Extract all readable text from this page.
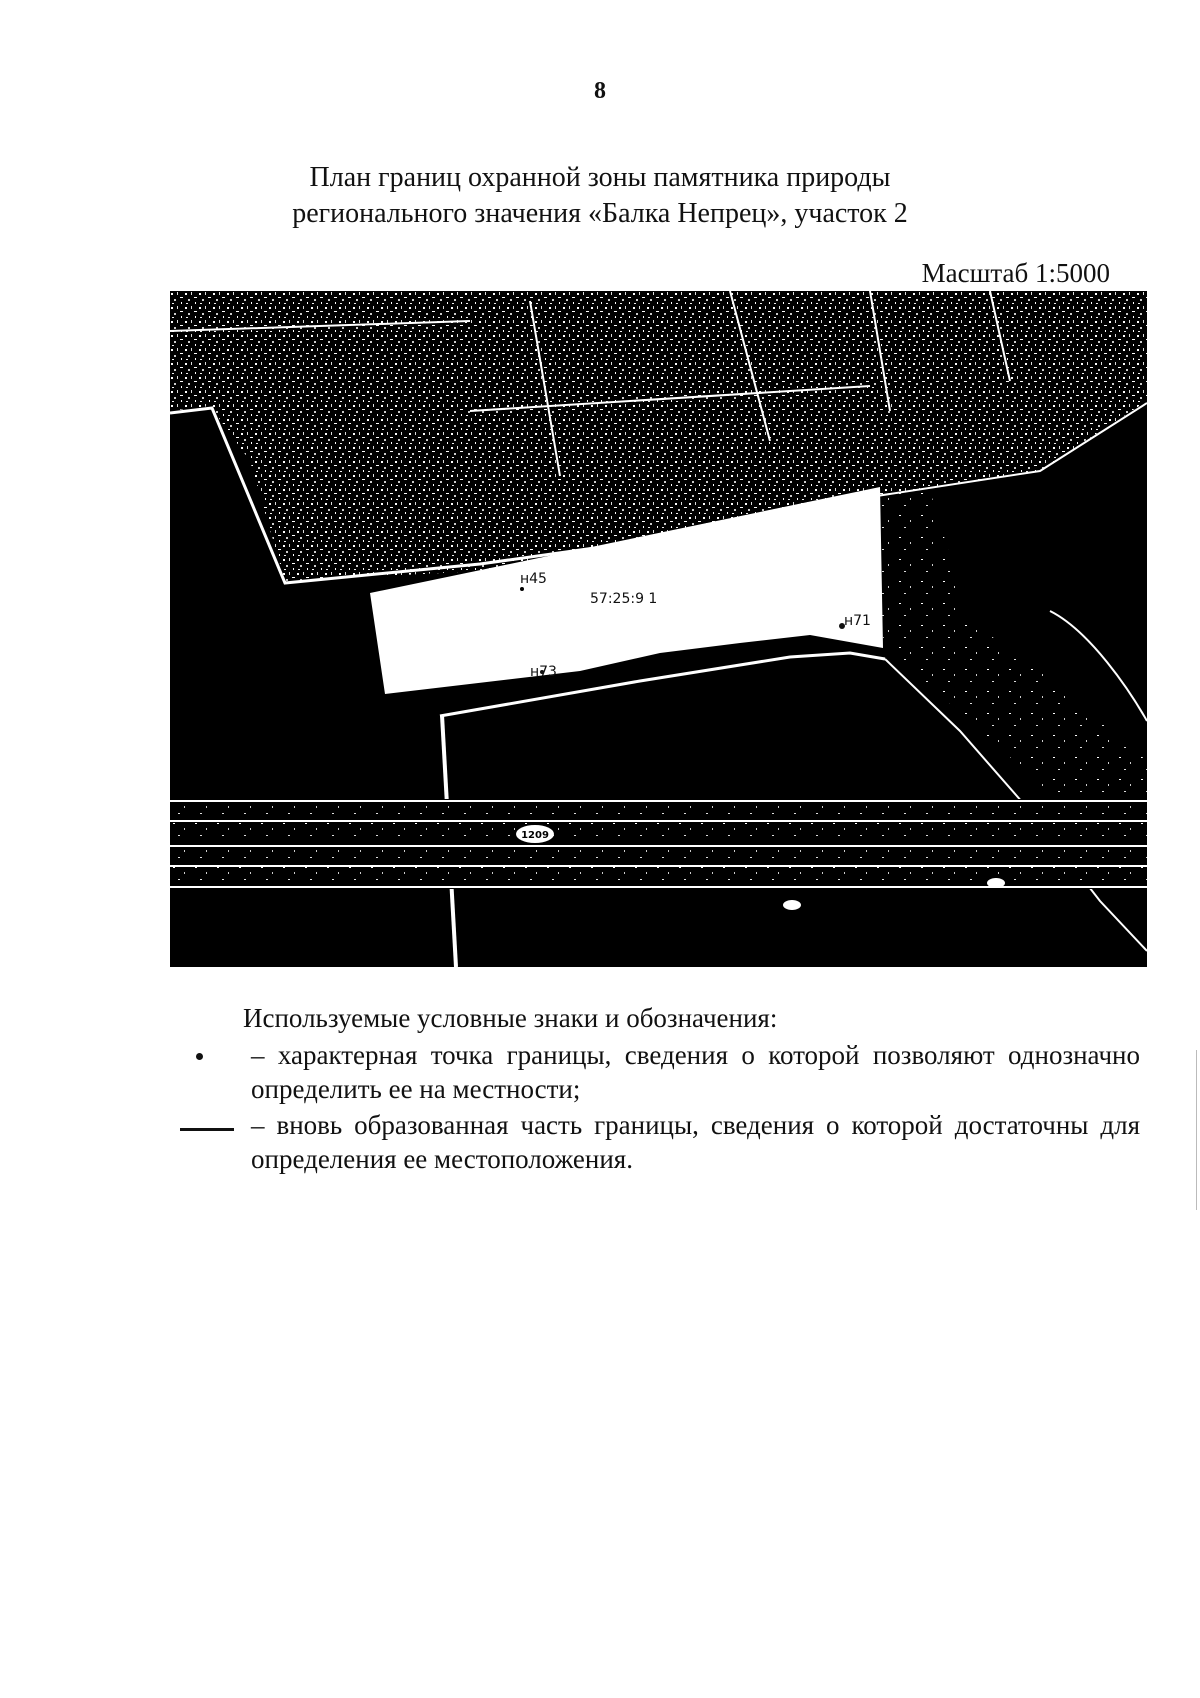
8
План границ охранной зоны памятника природы
регионального значения «Балка Непрец», участок 2
Масштаб 1:5000
1209
н45
57:25:9 1
н71
н73
Используемые условные знаки и обозначения:
– характерная точка границы, сведения о которой позволяют однозначно определить ее на местности;
– вновь образованная часть границы, сведения о которой достаточны для определения ее местоположения.
